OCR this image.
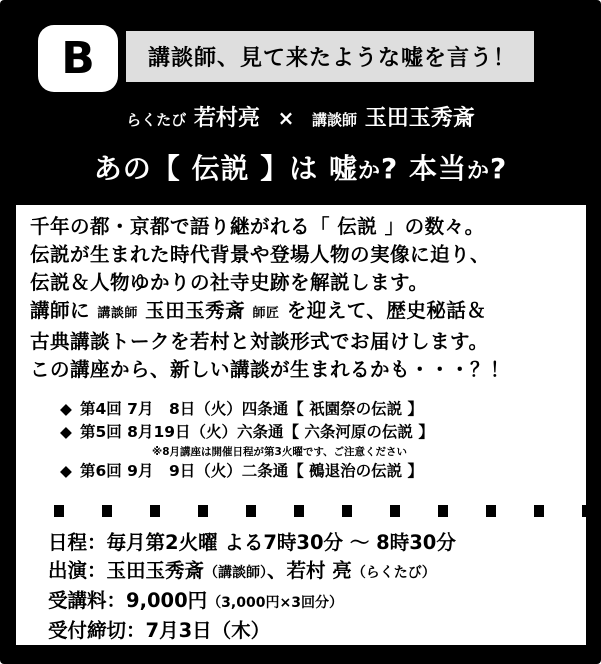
B	講談師、見て来たような嘘を言う！
らくたび 若村亮 × 講談師 玉田玉秀斎
あの【 伝説 】は 嘘か? 本当か?
千年の都・京都で語り継がれる「 伝説 」の数々。
伝説が生まれた時代背景や登場人物の実像に迫り、
伝説＆人物ゆかりの社寺史跡を解説します。
講師に 講談師 玉田玉秀斎 師匠 を迎えて、歴史秘話＆
古典講談トークを若村と対談形式でお届けします。
この講座から、新しい講談が生まれるかも・・・？！
◆ 第4回 7月　8日（火）四条通【 祇園祭の伝説 】
◆ 第5回 8月19日（火）六条通【 六条河原の伝説 】
※8月講座は開催日程が第3火曜です、ご注意ください
◆ 第6回 9月　9日（火）二条通【 鵺退治の伝説 】
日程：毎月第2火曜 よる7時30分 〜 8時30分
出演：玉田玉秀斎（講談師）、若村 亮（らくたび）
受講料：9,000円（3,000円×3回分）
受付締切：7月3日（木）
